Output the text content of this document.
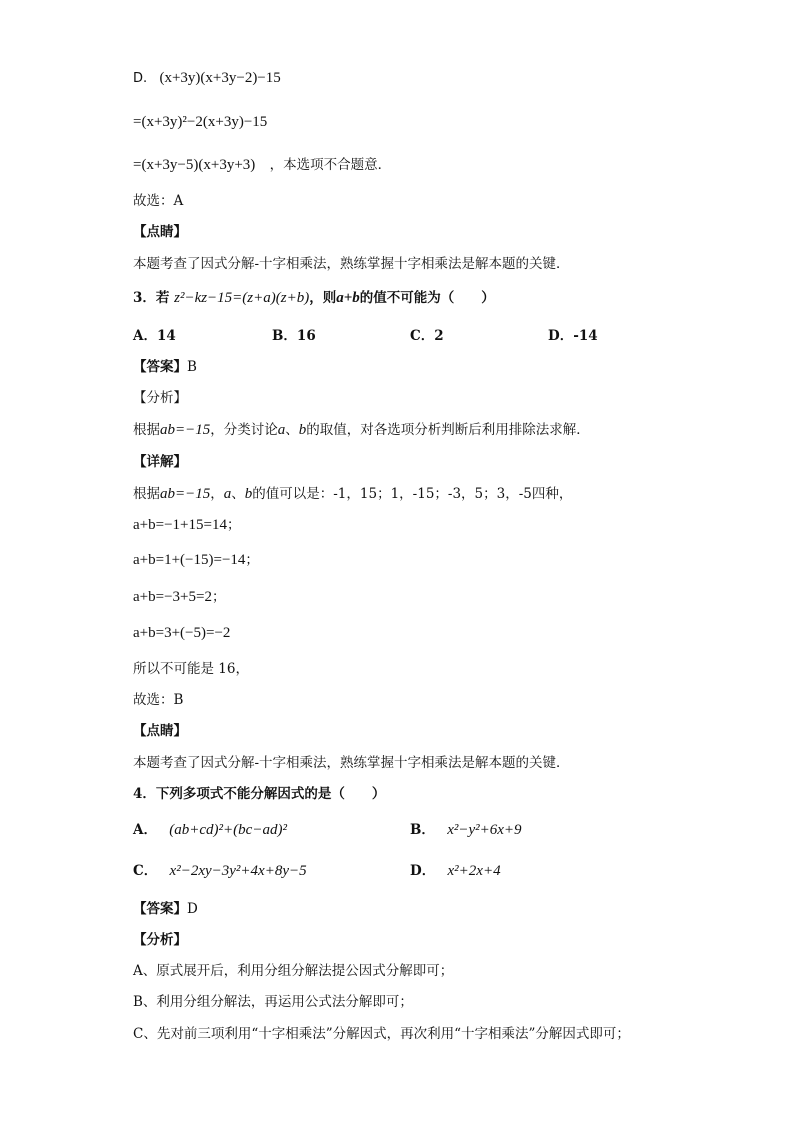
D. (x+3y)(x+3y−2)−15
=(x+3y)²−2(x+3y)−15
=(x+3y−5)(x+3y+3) ，本选项不合题意．
故选：A
【点睛】
本题考查了因式分解-十字相乘法，熟练掌握十字相乘法是解本题的关键．
3．若 z²−kz−15=(z+a)(z+b)，则a+b的值不可能为（　　）
A．14	B．16	C．2	D．-14
【答案】B
【分析】
根据ab=−15，分类讨论a、b的取值，对各选项分析判断后利用排除法求解．
【详解】
根据ab=−15，a、b的值可以是：-1，15；1，-15；-3，5；3，-5四种，
a+b=−1+15=14；
a+b=1+(−15)=−14；
a+b=−3+5=2；
a+b=3+(−5)=−2
所以不可能是 16，
故选：B
【点睛】
本题考查了因式分解-十字相乘法，熟练掌握十字相乘法是解本题的关键．
4．下列多项式不能分解因式的是（　　）
A． (ab+cd)²+(bc−ad)²	B． x²−y²+6x+9
C． x²−2xy−3y²+4x+8y−5	D． x²+2x+4
【答案】D
【分析】
A、原式展开后，利用分组分解法提公因式分解即可；
B、利用分组分解法，再运用公式法分解即可；
C、先对前三项利用“十字相乘法”分解因式，再次利用“十字相乘法”分解因式即可；
